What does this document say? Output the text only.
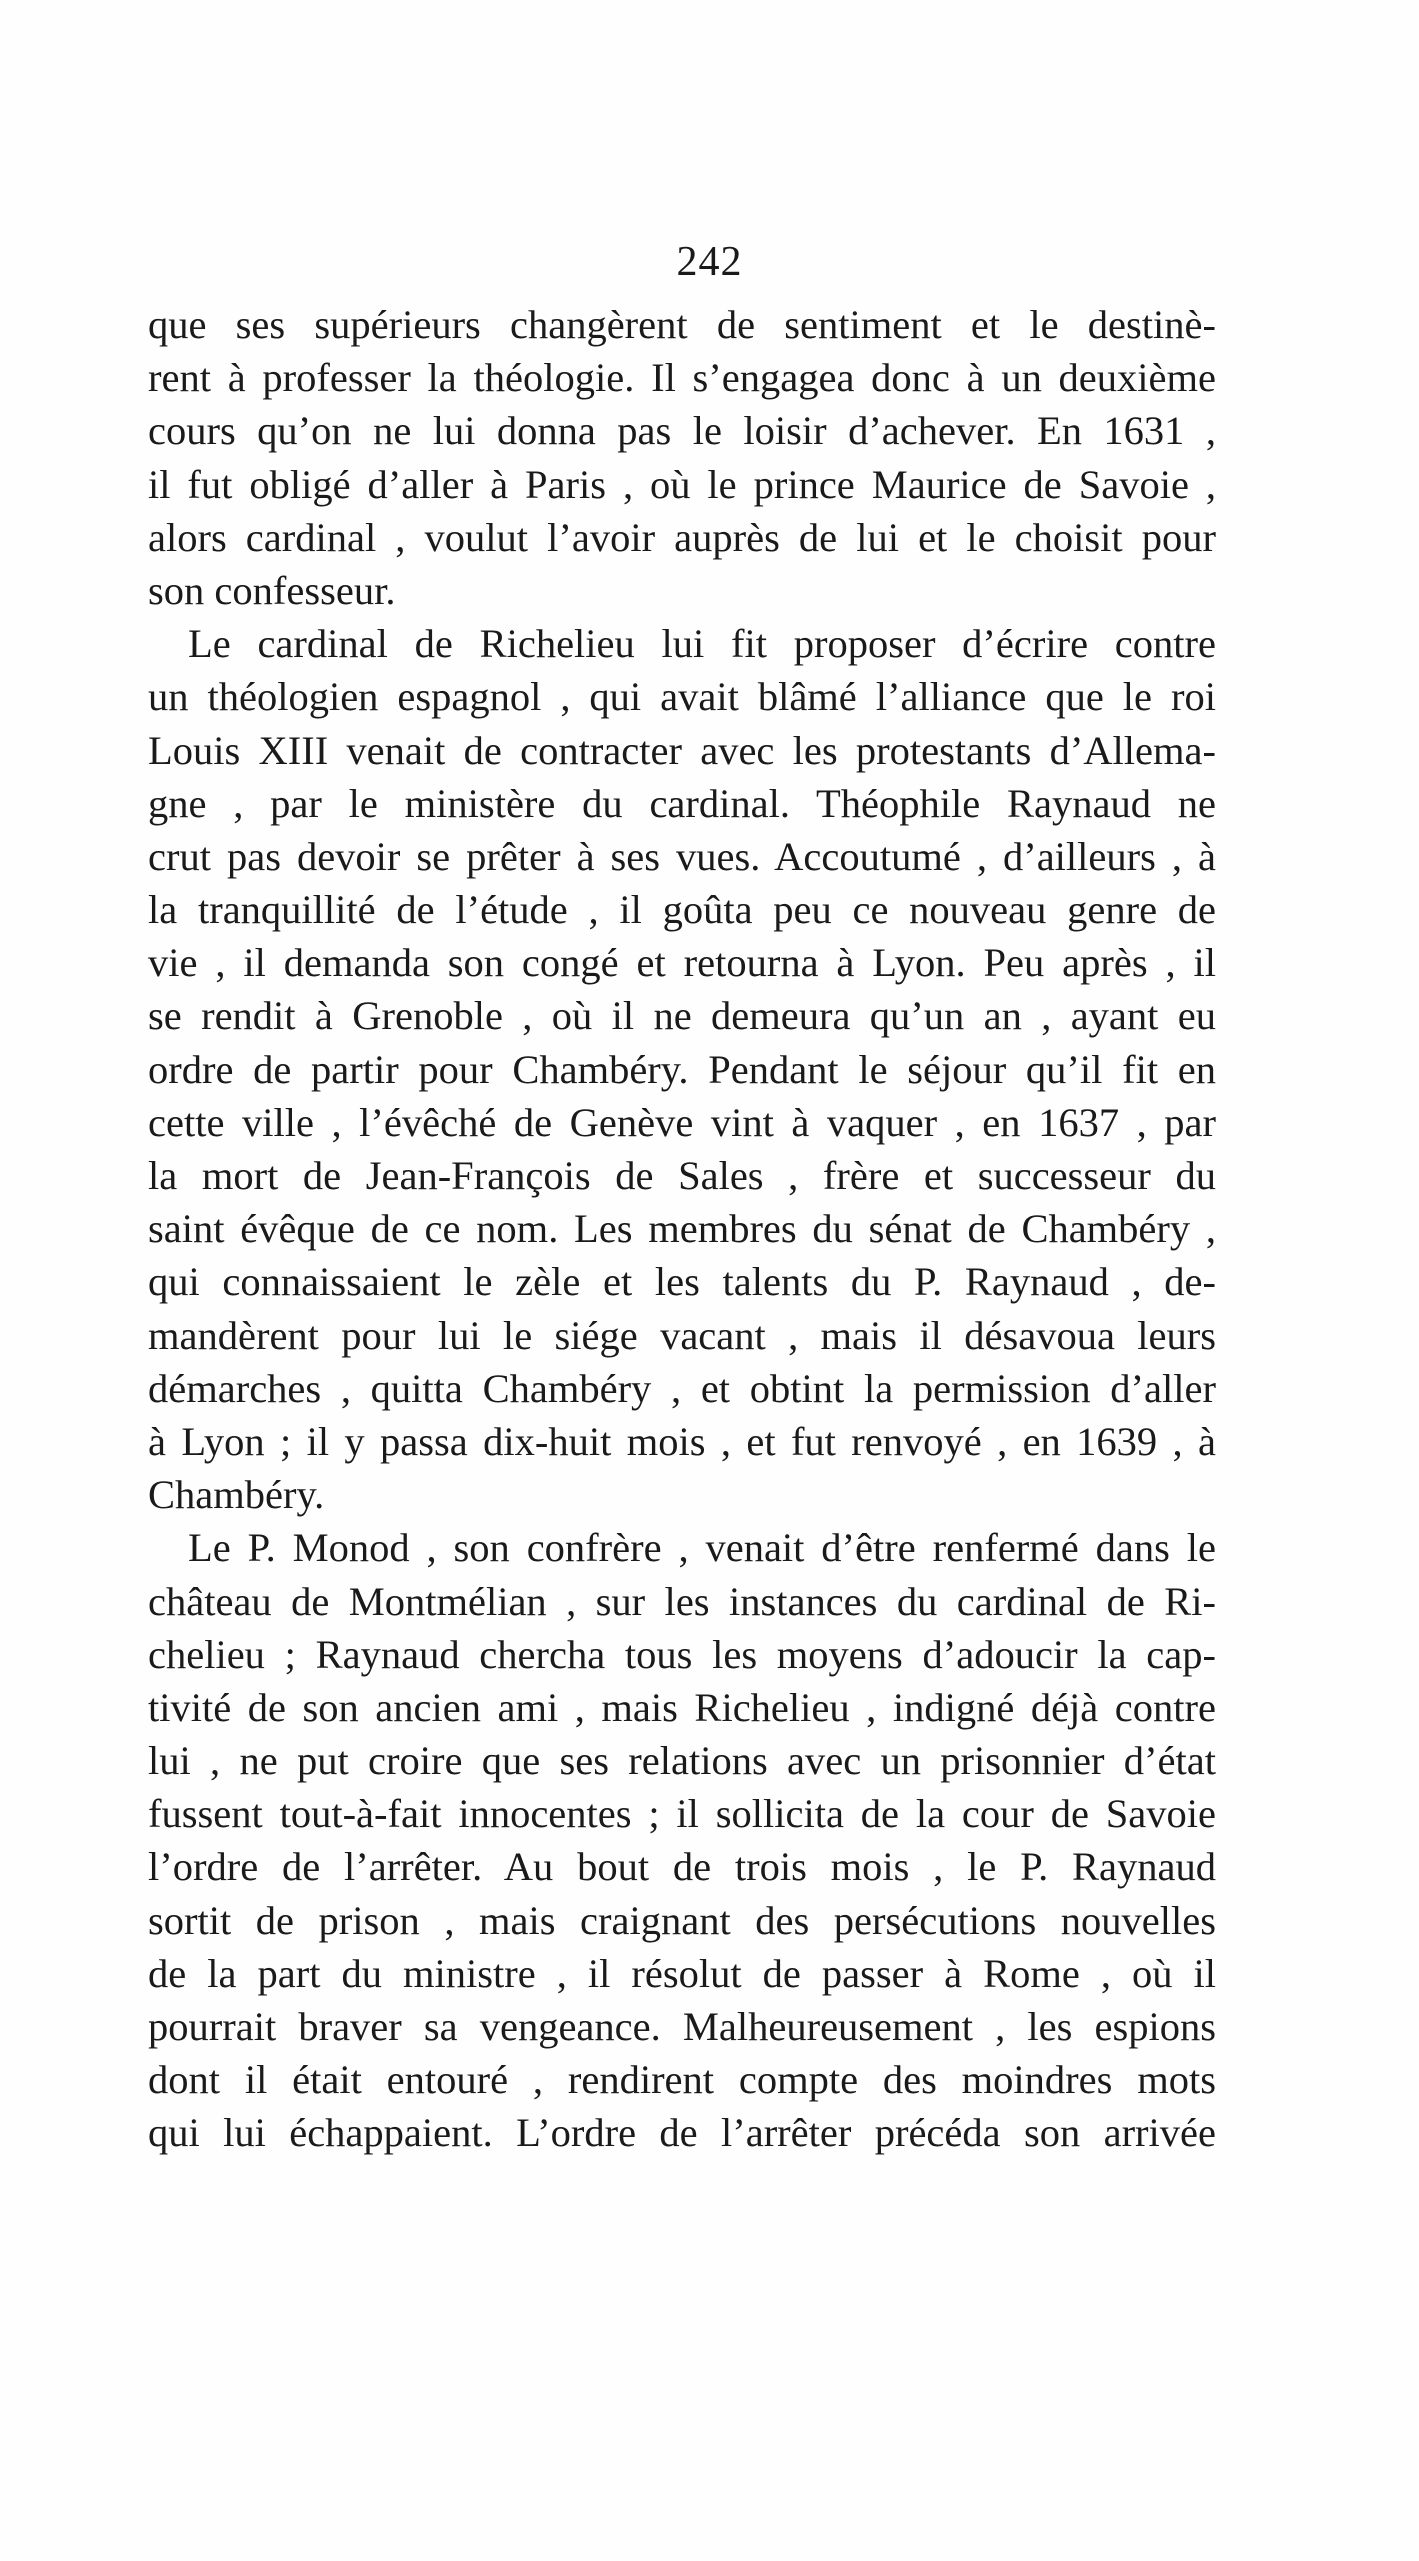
242
que ses supérieurs changèrent de sentiment et le destinè-
rent à professer la théologie. Il s’engagea donc à un deuxième
cours qu’on ne lui donna pas le loisir d’achever. En 1631 ,
il fut obligé d’aller à Paris , où le prince Maurice de Savoie ,
alors cardinal , voulut l’avoir auprès de lui et le choisit pour
son confesseur.
Le cardinal de Richelieu lui fit proposer d’écrire contre
un théologien espagnol , qui avait blâmé l’alliance que le roi
Louis XIII venait de contracter avec les protestants d’Allema-
gne , par le ministère du cardinal. Théophile Raynaud ne
crut pas devoir se prêter à ses vues. Accoutumé , d’ailleurs , à
la tranquillité de l’étude , il goûta peu ce nouveau genre de
vie , il demanda son congé et retourna à Lyon. Peu après , il
se rendit à Grenoble , où il ne demeura qu’un an , ayant eu
ordre de partir pour Chambéry. Pendant le séjour qu’il fit en
cette ville , l’évêché de Genève vint à vaquer , en 1637 , par
la mort de Jean-François de Sales , frère et successeur du
saint évêque de ce nom. Les membres du sénat de Chambéry ,
qui connaissaient le zèle et les talents du P. Raynaud , de-
mandèrent pour lui le siége vacant , mais il désavoua leurs
démarches , quitta Chambéry , et obtint la permission d’aller
à Lyon ; il y passa dix-huit mois , et fut renvoyé , en 1639 , à
Chambéry.
Le P. Monod , son confrère , venait d’être renfermé dans le
château de Montmélian , sur les instances du cardinal de Ri-
chelieu ; Raynaud chercha tous les moyens d’adoucir la cap-
tivité de son ancien ami , mais Richelieu , indigné déjà contre
lui , ne put croire que ses relations avec un prisonnier d’état
fussent tout-à-fait innocentes ; il sollicita de la cour de Savoie
l’ordre de l’arrêter. Au bout de trois mois , le P. Raynaud
sortit de prison , mais craignant des persécutions nouvelles
de la part du ministre , il résolut de passer à Rome , où il
pourrait braver sa vengeance. Malheureusement , les espions
dont il était entouré , rendirent compte des moindres mots
qui lui échappaient. L’ordre de l’arrêter précéda son arrivée
